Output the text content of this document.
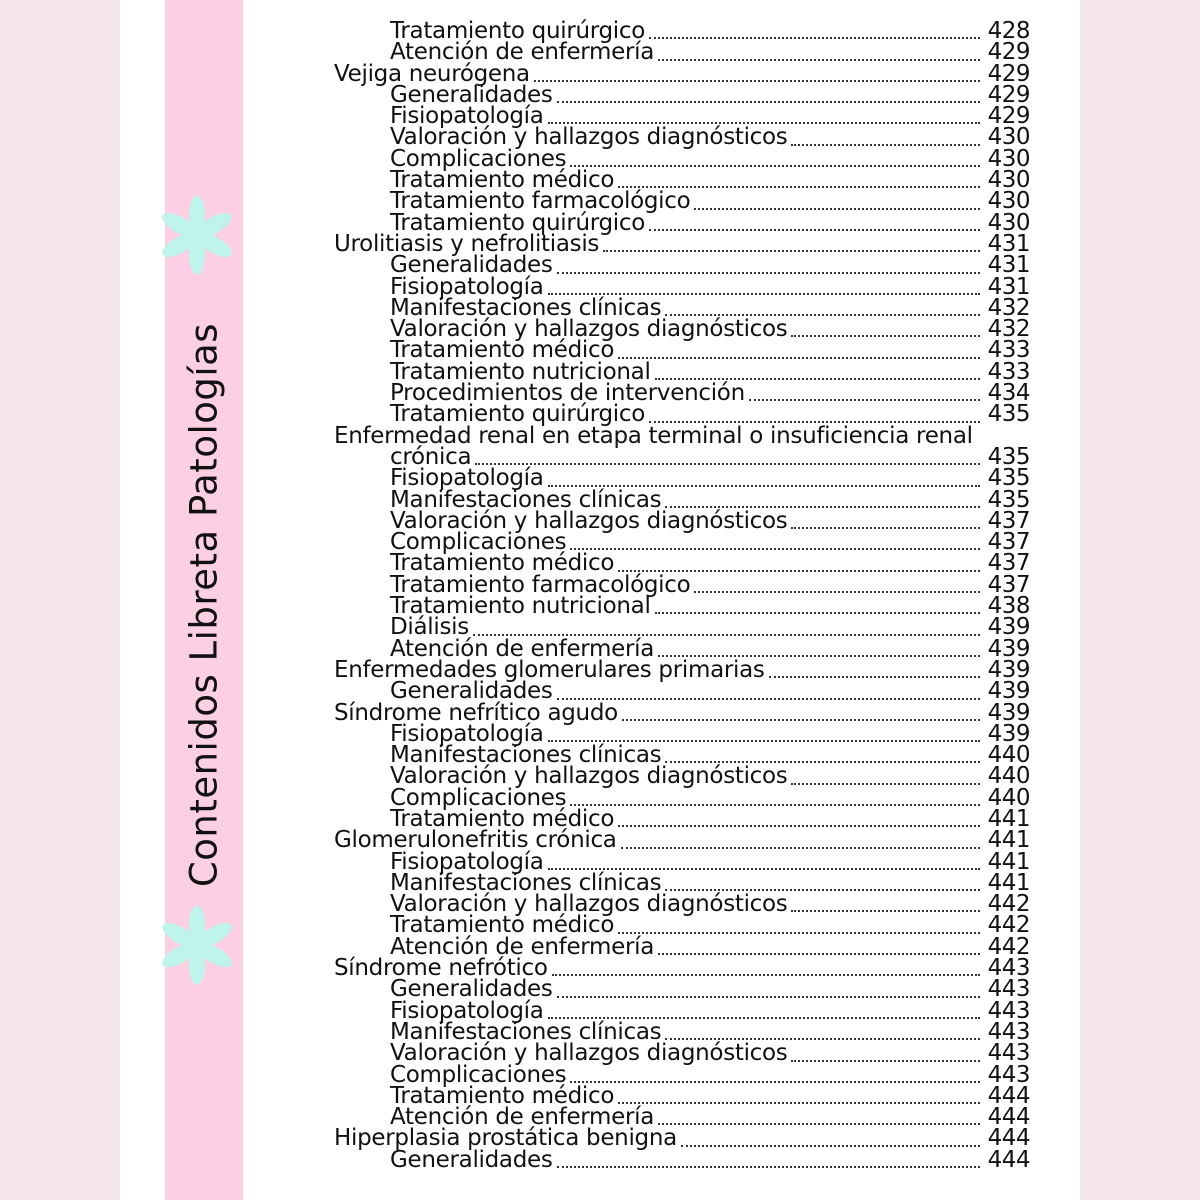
Contenidos Libreta Patologías
Tratamiento quirúrgico	428
Atención de enfermería	429
Vejiga neurógena	429
Generalidades	429
Fisiopatología	429
Valoración y hallazgos diagnósticos	430
Complicaciones	430
Tratamiento médico	430
Tratamiento farmacológico	430
Tratamiento quirúrgico	430
Urolitiasis y nefrolitiasis	431
Generalidades	431
Fisiopatología	431
Manifestaciones clínicas	432
Valoración y hallazgos diagnósticos	432
Tratamiento médico	433
Tratamiento nutricional	433
Procedimientos de intervención	434
Tratamiento quirúrgico	435
Enfermedad renal en etapa terminal o insuficiencia renal
crónica	435
Fisiopatología	435
Manifestaciones clínicas	435
Valoración y hallazgos diagnósticos	437
Complicaciones	437
Tratamiento médico	437
Tratamiento farmacológico	437
Tratamiento nutricional	438
Diálisis	439
Atención de enfermería	439
Enfermedades glomerulares primarias	439
Generalidades	439
Síndrome nefrítico agudo	439
Fisiopatología	439
Manifestaciones clínicas	440
Valoración y hallazgos diagnósticos	440
Complicaciones	440
Tratamiento médico	441
Glomerulonefritis crónica	441
Fisiopatología	441
Manifestaciones clínicas	441
Valoración y hallazgos diagnósticos	442
Tratamiento médico	442
Atención de enfermería	442
Síndrome nefrótico	443
Generalidades	443
Fisiopatología	443
Manifestaciones clínicas	443
Valoración y hallazgos diagnósticos	443
Complicaciones	443
Tratamiento médico	444
Atención de enfermería	444
Hiperplasia prostática benigna	444
Generalidades	444
